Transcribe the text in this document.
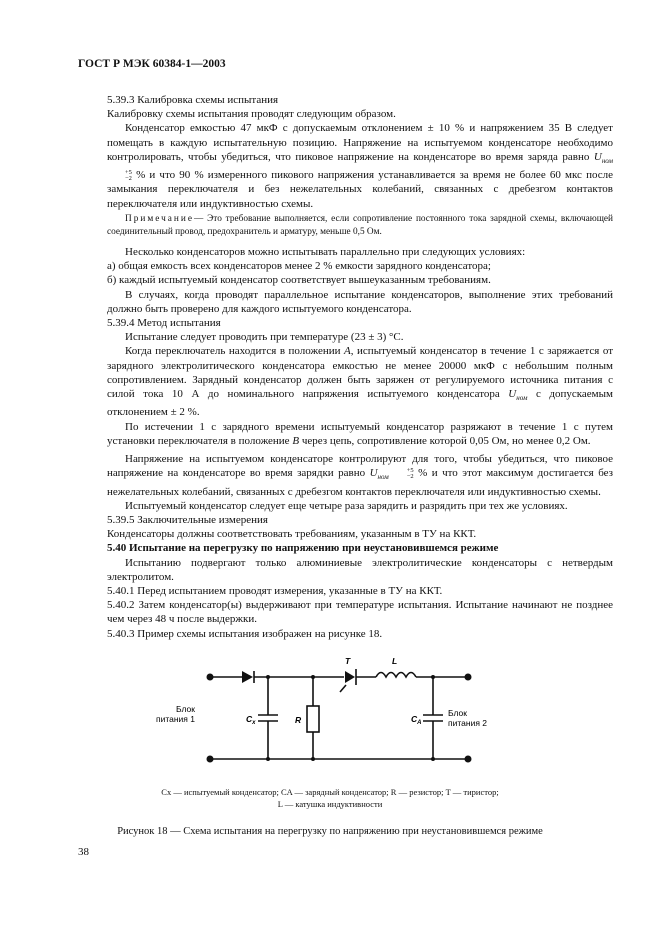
ГОСТ Р МЭК 60384-1—2003

5.39.3 Калибровка схемы испытания

Калибровку схемы испытания проводят следующим образом.

Конденсатор емкостью 47 мкФ с допускаемым отклонением ± 10 % и напряжением 35 В следует помещать в каждую испытательную позицию. Напряжение на испытуемом конденсаторе необходимо контролировать, чтобы убедиться, что пиковое напряжение на конденсаторе во время заряда равно $U_{ном}$
+5
−2 % и что 90 % измеренного пикового напряжения устанавливается за время не более 60 мкс после замыкания переключателя и без нежелательных колебаний, связанных с дребезгом контактов переключателя или индуктивностью схемы.

Примечание— Это требование выполняется, если сопротивление постоянного тока зарядной схемы, включающей соединительный провод, предохранитель и арматуру, меньше 0,5 Ом.

Несколько конденсаторов можно испытывать параллельно при следующих условиях:

а) общая емкость всех конденсаторов менее 2 % емкости зарядного конденсатора;

б) каждый испытуемый конденсатор соответствует вышеуказанным требованиям.

В случаях, когда проводят параллельное испытание конденсаторов, выполнение этих требований должно быть проверено для каждого испытуемого конденсатора.

5.39.4 Метод испытания

Испытание следует проводить при температуре (23 ± 3) °С.

Когда переключатель находится в положении A, испытуемый конденсатор в течение 1 с заряжается от зарядного электролитического конденсатора емкостью не менее 20000 мкФ с небольшим полным сопротивлением. Зарядный конденсатор должен быть заряжен от регулируемого источника питания с силой тока 10 А до номинального напряжения испытуемого конденсатора $U_{ном}$ с допускаемым отклонением ± 2 %.

По истечении 1 с зарядного времени испытуемый конденсатор разряжают в течение 1 с путем установки переключателя в положение B через цепь, сопротивление которой 0,05 Ом, но менее 0,2 Ом.

Напряжение на испытуемом конденсаторе контролируют для того, чтобы убедиться, что пиковое напряжение на конденсаторе во время зарядки равно $U_{ном}$
+5
−2 % и что этот максимум достигается без нежелательных колебаний, связанных с дребезгом контактов переключателя или индуктивностью схемы.

Испытуемый конденсатор следует еще четыре раза зарядить и разрядить при тех же условиях.

5.39.5 Заключительные измерения

Конденсаторы должны соответствовать требованиям, указанным в ТУ на ККТ.

5.40 Испытание на перегрузку по напряжению при неустановившемся режиме

Испытанию подвергают только алюминиевые электролитические конденсаторы с нетвердым электролитом.

5.40.1 Перед испытанием проводят измерения, указанные в ТУ на ККТ.

5.40.2 Затем конденсатор(ы) выдерживают при температуре испытания. Испытание начинают не позднее чем через 48 ч после выдержки.

5.40.3 Пример схемы испытания изображен на рисунке 18.

Блок
питания 1
Блок
питания 2
$C_x$	R
T	L
$C_A$
Cx — испытуемый конденсатор; CA — зарядный конденсатор; R — резистор; T — тиристор;
L — катушка индуктивности
Рисунок 18 — Схема испытания на перегрузку по напряжению при неустановившемся режиме
38
